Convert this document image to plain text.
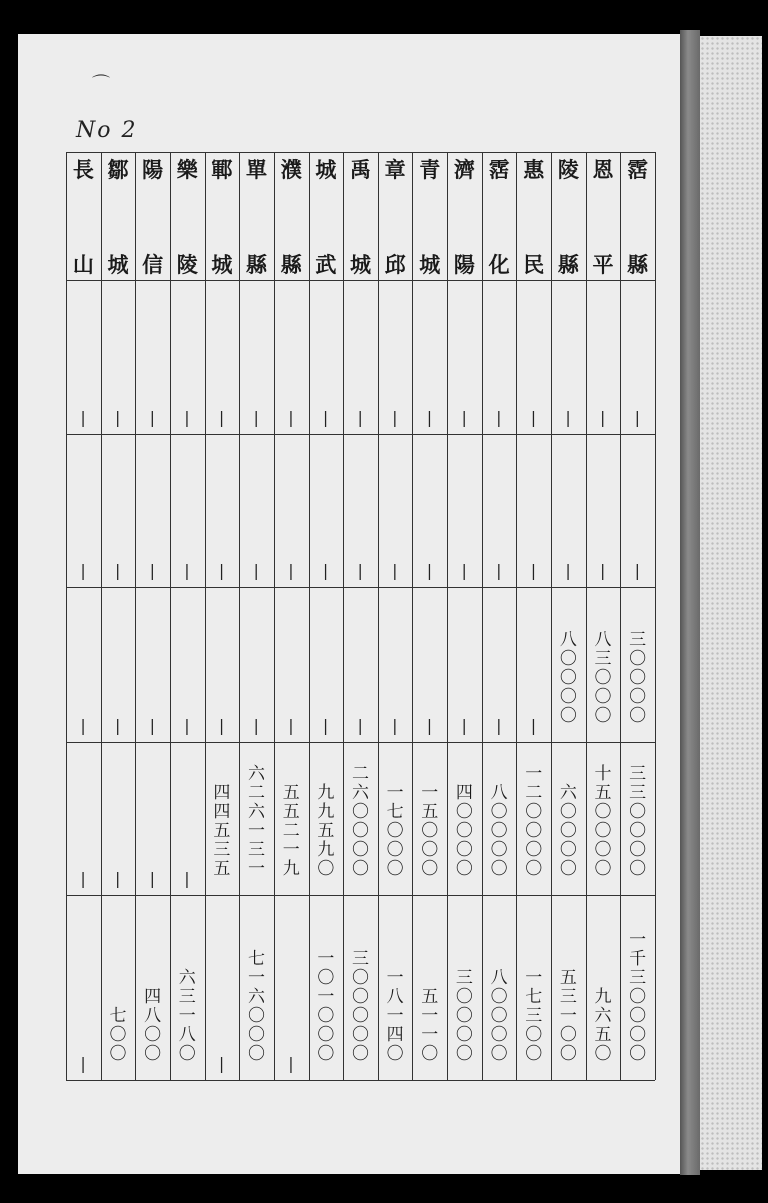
⌒
No 2
霑
縣
|
|
三
〇
〇
〇
〇
三
三
〇
〇
〇
〇
一
千
三
〇
〇
〇
〇
恩
平
|
|
八
三
〇
〇
〇
十
五
〇
〇
〇
〇
九
六
五
〇
陵
縣
|
|
八
〇
〇
〇
〇
六
〇
〇
〇
〇
五
三
一
〇
〇
惠
民
|
|
|
一
二
〇
〇
〇
〇
一
七
三
〇
〇
霑
化
|
|
|
八
〇
〇
〇
〇
八
〇
〇
〇
〇
濟
陽
|
|
|
四
〇
〇
〇
〇
三
〇
〇
〇
〇
青
城
|
|
|
一
五
〇
〇
〇
五
一
一
〇
章
邱
|
|
|
一
七
〇
〇
〇
一
八
一
四
〇
禹
城
|
|
|
二
六
〇
〇
〇
〇
三
〇
〇
〇
〇
〇
城
武
|
|
|
九
九
五
九
〇
一
〇
一
〇
〇
〇
濮
縣
|
|
|
五
五
二
一
九
|
單
縣
|
|
|
六
二
六
一
三
一
七
一
六
〇
〇
〇
鄆
城
|
|
|
四
四
五
三
五
|
樂
陵
|
|
|
|
六
三
一
八
〇
陽
信
|
|
|
|
四
八
〇
〇
鄒
城
|
|
|
|
七
〇
〇
長
山
|
|
|
|
|
